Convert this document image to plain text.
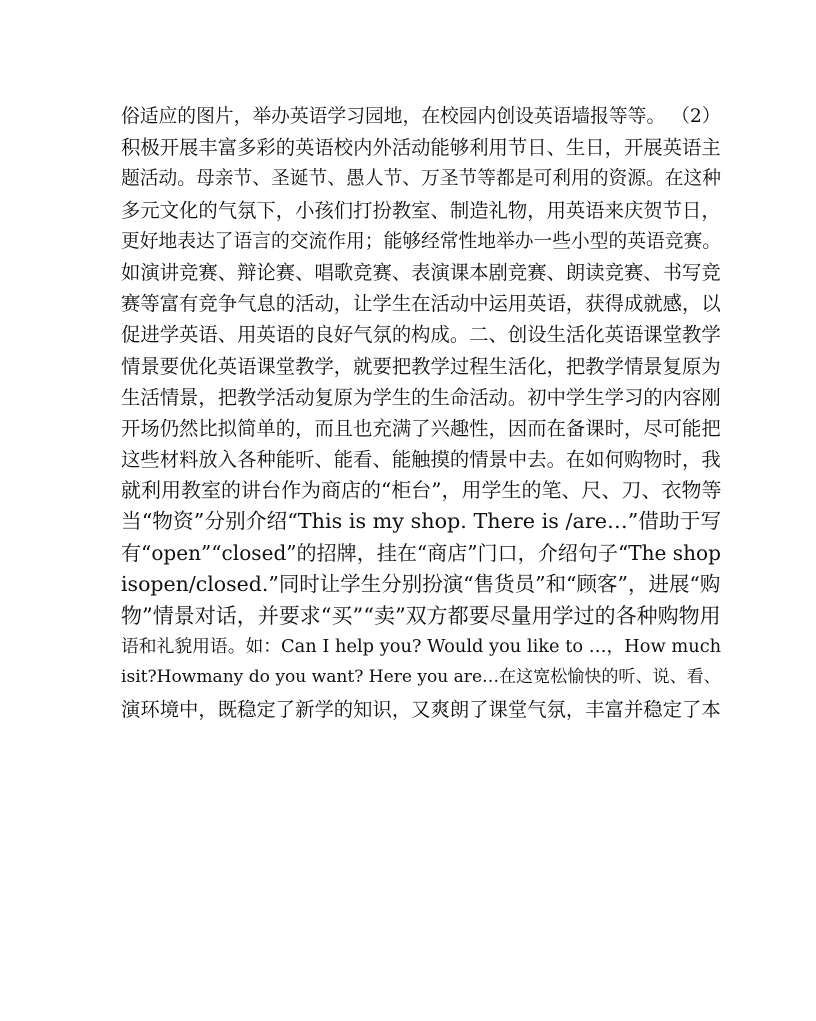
俗适应的图片，举办英语学习园地，在校园内创设英语墙报等等。 （2）
积极开展丰富多彩的英语校内外活动能够利用节日、生日，开展英语主
题活动。母亲节、圣诞节、愚人节、万圣节等都是可利用的资源。在这种
多元文化的气氛下，小孩们打扮教室、制造礼物，用英语来庆贺节日，
更好地表达了语言的交流作用；能够经常性地举办一些小型的英语竞赛。
如演讲竞赛、辩论赛、唱歌竞赛、表演课本剧竞赛、朗读竞赛、书写竞
赛等富有竞争气息的活动，让学生在活动中运用英语，获得成就感，以
促进学英语、用英语的良好气氛的构成。二、创设生活化英语课堂教学
情景要优化英语课堂教学，就要把教学过程生活化，把教学情景复原为
生活情景，把教学活动复原为学生的生命活动。初中学生学习的内容刚
开场仍然比拟简单的，而且也充满了兴趣性，因而在备课时，尽可能把
这些材料放入各种能听、能看、能触摸的情景中去。在如何购物时，我
就利用教室的讲台作为商店的“柜台”，用学生的笔、尺、刀、衣物等
当“物资”分别介绍“This is my shop. There is /are…”借助于写
有“open”“closed”的招牌，挂在“商店”门口，介绍句子“The shop
isopen/closed.”同时让学生分别扮演“售货员”和“顾客”，进展“购
物”情景对话，并要求“买”“卖”双方都要尽量用学过的各种购物用
语和礼貌用语。如：Can I help you? Would you like to …，How much
isit?Howmany do you want? Here you are…在这宽松愉快的听、说、看、
演环境中，既稳定了新学的知识，又爽朗了课堂气氛，丰富并稳定了本
